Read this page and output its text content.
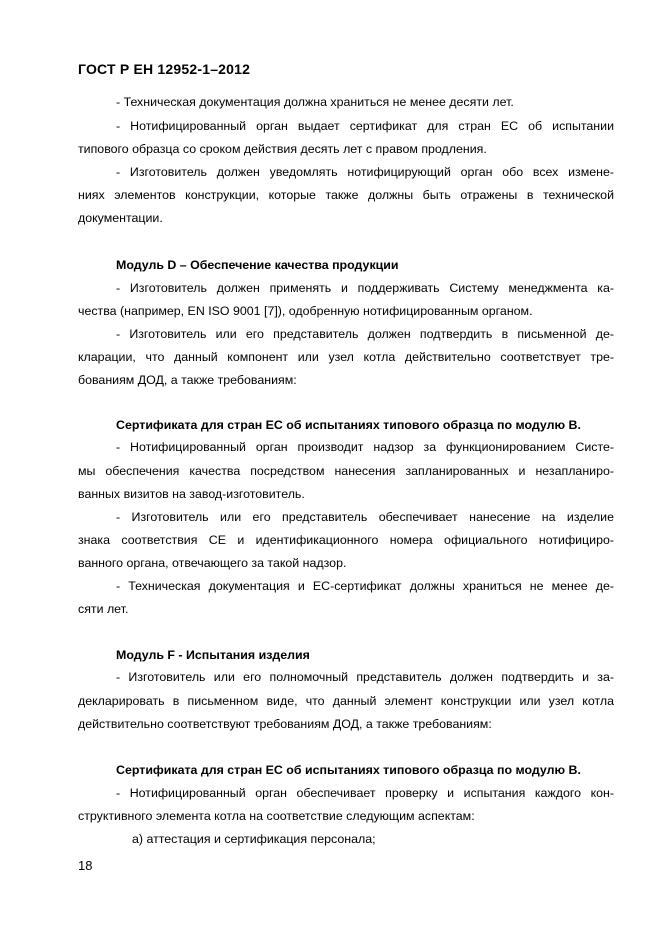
ГОСТ Р ЕН 12952-1–2012
- Техническая документация должна храниться не менее десяти лет.
- Нотифицированный орган выдает сертификат для стран ЕС об испытании
типового образца со сроком действия десять лет с правом продления.
- Изготовитель должен уведомлять нотифицирующий орган обо всех измене-
ниях элементов конструкции, которые также должны быть отражены в технической
документации.
Модуль D – Обеспечение качества продукции
- Изготовитель должен применять и поддерживать Систему менеджмента ка-
чества (например, EN ISO 9001 [7]), одобренную нотифицированным органом.
- Изготовитель или его представитель должен подтвердить в письменной де-
кларации, что данный компонент или узел котла действительно соответствует тре-
бованиям ДОД, а также требованиям:
Сертификата для стран ЕС об испытаниях типового образца по модулю В.
- Нотифицированный орган производит надзор за функционированием Систе-
мы обеспечения качества посредством нанесения запланированных и незапланиро-
ванных визитов на завод-изготовитель.
- Изготовитель или его представитель обеспечивает нанесение на изделие
знака соответствия СЕ и идентификационного номера официального нотифициро-
ванного органа, отвечающего за такой надзор.
- Техническая документация и ЕС-сертификат должны храниться не менее де-
сяти лет.
Модуль F - Испытания изделия
- Изготовитель или его полномочный представитель должен подтвердить и за-
декларировать в письменном виде, что данный элемент конструкции или узел котла
действительно соответствуют требованиям ДОД, а также требованиям:
Сертификата для стран ЕС об испытаниях типового образца по модулю В.
- Нотифицированный орган обеспечивает проверку и испытания каждого кон-
структивного элемента котла на соответствие следующим аспектам:
а) аттестация и сертификация персонала;
18
